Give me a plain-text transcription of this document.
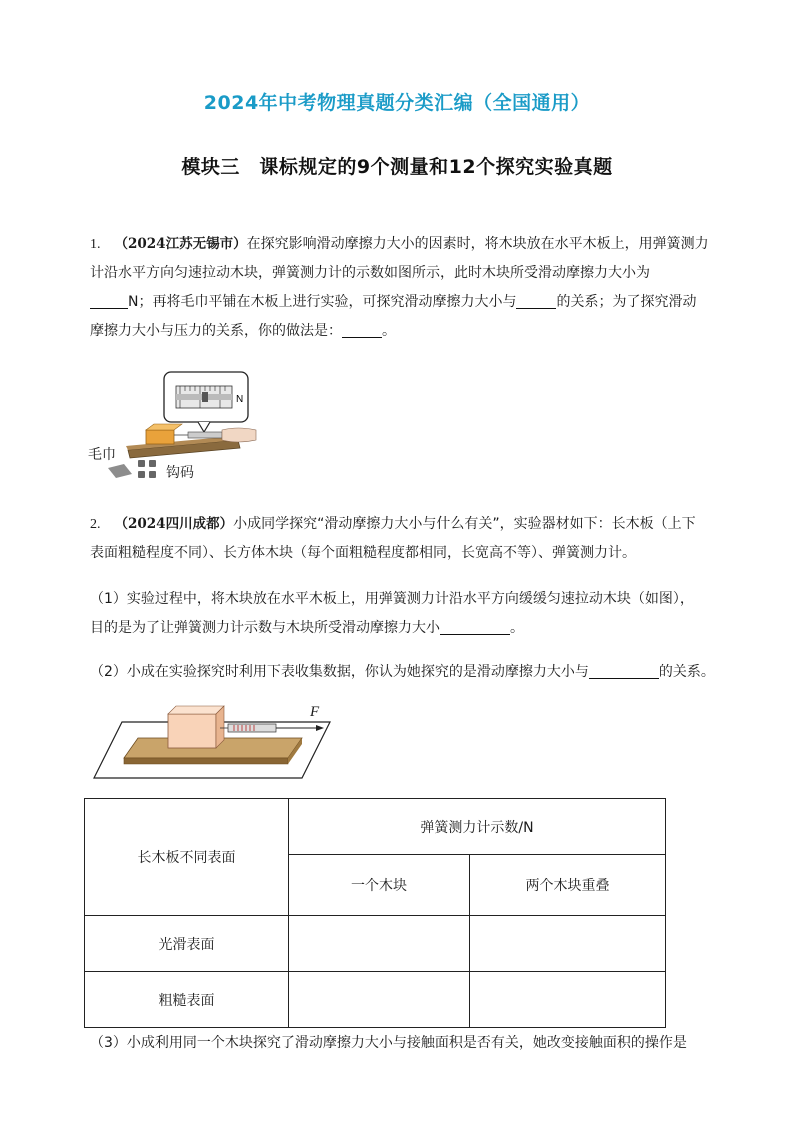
2024年中考物理真题分类汇编（全国通用）
模块三　课标规定的9个测量和12个探究实验真题
1. （2024江苏无锡市）在探究影响滑动摩擦力大小的因素时，将木块放在水平木板上，用弹簧测力
计沿水平方向匀速拉动木块，弹簧测力计的示数如图所示，此时木块所受滑动摩擦力大小为
N；再将毛巾平铺在木板上进行实验，可探究滑动摩擦力大小与	的关系；为了探究滑动
摩擦力大小与压力的关系，你的做法是：	。
N
毛巾
钩码
2. （2024四川成都）小成同学探究“滑动摩擦力大小与什么有关”，实验器材如下：长木板（上下
表面粗糙程度不同）、长方体木块（每个面粗糙程度都相同，长宽高不等）、弹簧测力计。
（1）实验过程中，将木块放在水平木板上，用弹簧测力计沿水平方向缓缓匀速拉动木块（如图），
目的是为了让弹簧测力计示数与木块所受滑动摩擦力大小	。
（2）小成在实验探究时利用下表收集数据，你认为她探究的是滑动摩擦力大小与	的关系。
F
长木板不同表面	弹簧测力计示数/N	
	一个木块	两个木块重叠
光滑表面		
粗糙表面		
（3）小成利用同一个木块探究了滑动摩擦力大小与接触面积是否有关，她改变接触面积的操作是
